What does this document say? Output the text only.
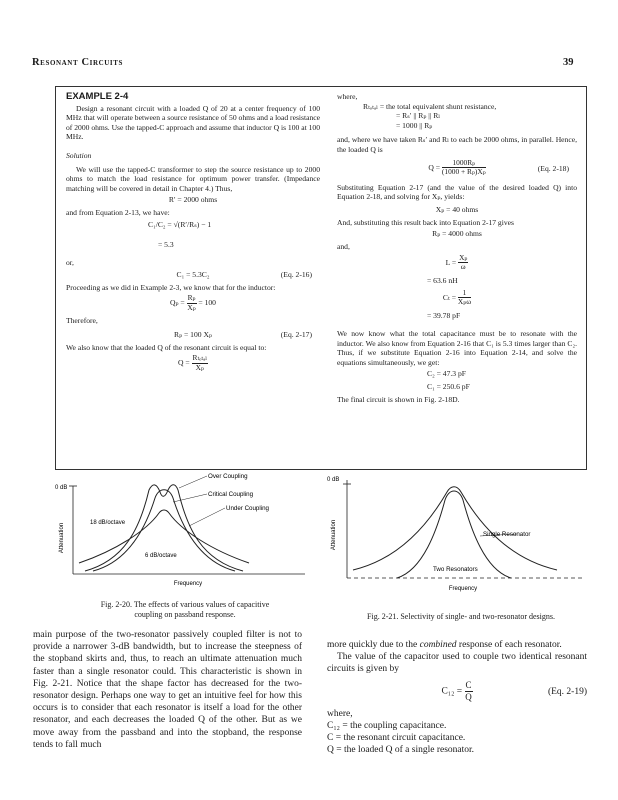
Resonant Circuits	39
EXAMPLE 2-4
Design a resonant circuit with a loaded Q of 20 at a center frequency of 100 MHz that will operate between a source resistance of 50 ohms and a load resistance of 2000 ohms. Use the tapped-C approach and assume that inductor Q is 100 at 100 MHz.
Solution
We will use the tapped-C transformer to step the source resistance up to 2000 ohms to match the load resistance for optimum power transfer. (Impedance matching will be covered in detail in Chapter 4.) Thus,
R′ = 2000 ohms
and from Equation 2-13, we have:
C₁/C₂ = √(R′/Rₛ) − 1
= 5.3
or,
C₁ = 5.3C₂	(Eq. 2-16)
Proceeding as we did in Example 2-3, we know that for the inductor:
$Q_p = \frac{\text{Rₚ}}{\text{Xₚ}} = 100$
Therefore,
Rₚ = 100 Xₚ	(Eq. 2-17)
We also know that the loaded Q of the resonant circuit is equal to:
$Q = \frac{\text{Rₜₒₜₐₗ}}{\text{Xₚ}}$
where,
Rₜₒₜₐₗ = the total equivalent shunt resistance,
= Rₛ′ || Rₚ || Rₗ
= 1000 || Rₚ
and, where we have taken Rₛ′ and Rₗ to each be 2000 ohms, in parallel. Hence, the loaded Q is
$Q = \frac{\text{1000Rₚ}}{\text{(1000 + Rₚ)Xₚ}}$	(Eq. 2-18)
Substituting Equation 2-17 (and the value of the desired loaded Q) into Equation 2-18, and solving for Xₚ, yields:
Xₚ = 40 ohms
And, substituting this result back into Equation 2-17 gives
Rₚ = 4000 ohms
and,
$L = \frac{\text{Xₚ}}{\omega}$
= 63.6 nH
$C_t = \frac{1}{\text{Xₚω}}$
= 39.78 pF
We now know what the total capacitance must be to resonate with the inductor. We also know from Equation 2-16 that C₁ is 5.3 times larger than C₂. Thus, if we substitute Equation 2-16 into Equation 2-14, and solve the equations simultaneously, we get:
C₂ = 47.3 pF
C₁ = 250.6 pF
The final circuit is shown in Fig. 2-18D.
0 dB
Attenuation
Frequency
Over Coupling
Critical Coupling
Under Coupling
18 dB/octave
6 dB/octave
Fig. 2-20. The effects of various values of capacitive
coupling on passband response.
0 dB
Attenuation
Frequency
Single Resonator
Two Resonators
Fig. 2-21. Selectivity of single- and two-resonator designs.
main purpose of the two-resonator passively coupled filter is not to provide a narrower 3-dB bandwidth, but to increase the steepness of the stopband skirts and, thus, to reach an ultimate attenuation much faster than a single resonator could. This characteristic is shown in Fig. 2-21. Notice that the shape factor has decreased for the two-resonator design. Perhaps one way to get an intuitive feel for how this occurs is to consider that each resonator is itself a load for the other resonator, and each decreases the loaded Q of the other. But as we move away from the passband and into the stopband, the response tends to fall much
more quickly due to the combined response of each resonator.
The value of the capacitor used to couple two identical resonant circuits is given by
$C_{12} = \frac{C}{Q}$	(Eq. 2-19)
where,
C₁₂ = the coupling capacitance.
C = the resonant circuit capacitance.
Q = the loaded Q of a single resonator.
